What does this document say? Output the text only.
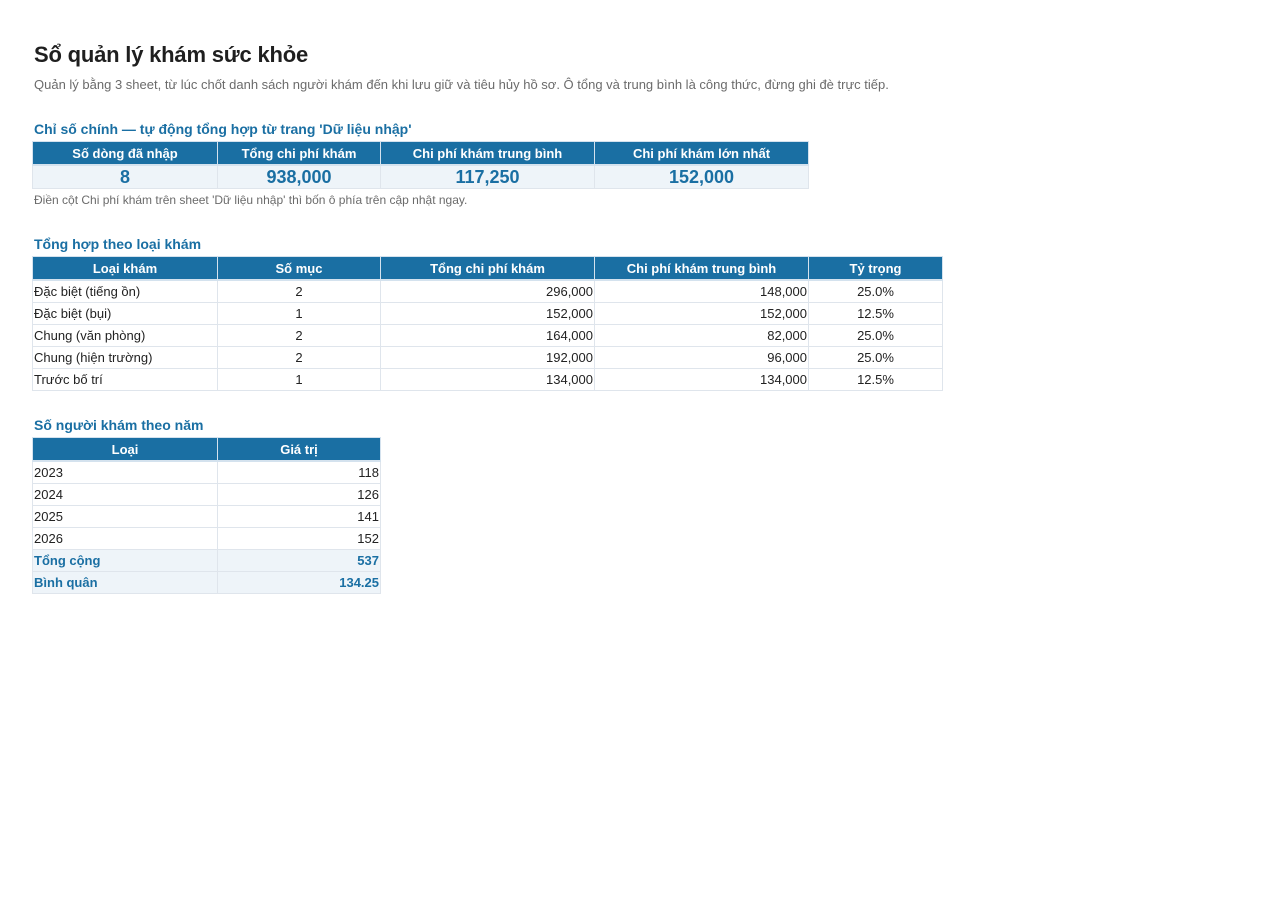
Sổ quản lý khám sức khỏe
Quản lý bằng 3 sheet, từ lúc chốt danh sách người khám đến khi lưu giữ và tiêu hủy hồ sơ. Ô tổng và trung bình là công thức, đừng ghi đè trực tiếp.
Chỉ số chính — tự động tổng hợp từ trang 'Dữ liệu nhập'
Số dòng đã nhập	Tổng chi phí khám	Chi phí khám trung bình	Chi phí khám lớn nhất
8	938,000	117,250	152,000
Điền cột Chi phí khám trên sheet 'Dữ liệu nhập' thì bốn ô phía trên cập nhật ngay.
Tổng hợp theo loại khám
Loại khám	Số mục	Tổng chi phí khám	Chi phí khám trung bình	Tỷ trọng
Đặc biệt (tiếng ồn)	2	296,000	148,000	25.0%
Đặc biệt (bụi)	1	152,000	152,000	12.5%
Chung (văn phòng)	2	164,000	82,000	25.0%
Chung (hiện trường)	2	192,000	96,000	25.0%
Trước bố trí	1	134,000	134,000	12.5%
Số người khám theo năm
Loại	Giá trị
2023	118
2024	126
2025	141
2026	152
Tổng cộng	537
Bình quân	134.25
